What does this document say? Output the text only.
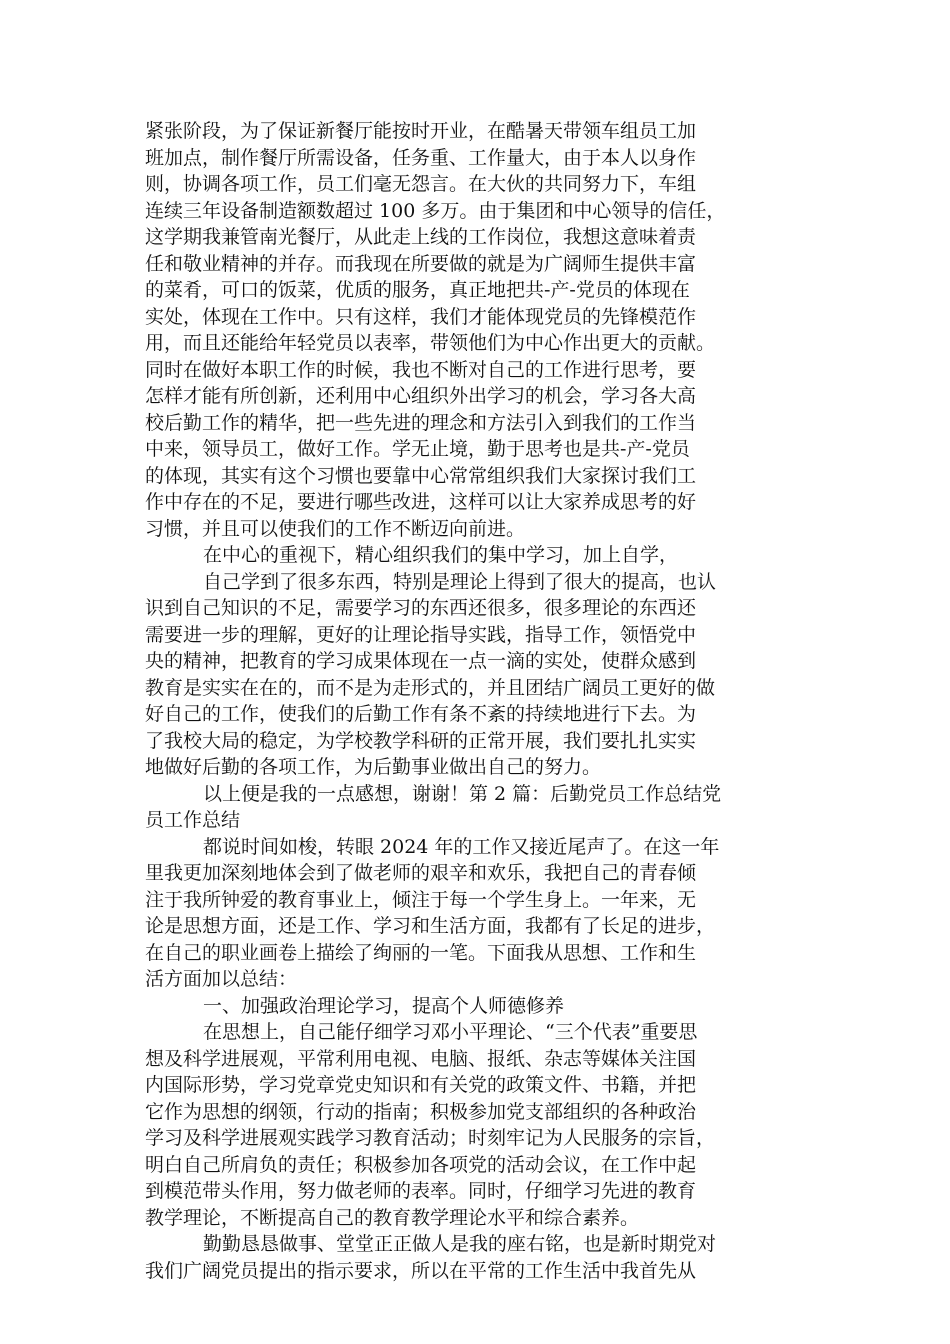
紧张阶段，为了保证新餐厅能按时开业，在酷暑天带领车组员工加
班加点，制作餐厅所需设备，任务重、工作量大，由于本人以身作
则，协调各项工作，员工们毫无怨言。在大伙的共同努力下，车组
连续三年设备制造额数超过 100 多万。由于集团和中心领导的信任，
这学期我兼管南光餐厅，从此走上线的工作岗位，我想这意味着责
任和敬业精神的并存。而我现在所要做的就是为广阔师生提供丰富
的菜肴，可口的饭菜，优质的服务，真正地把共-产-党员的体现在
实处，体现在工作中。只有这样，我们才能体现党员的先锋模范作
用，而且还能给年轻党员以表率，带领他们为中心作出更大的贡献。
同时在做好本职工作的时候，我也不断对自己的工作进行思考，要
怎样才能有所创新，还利用中心组织外出学习的机会，学习各大高
校后勤工作的精华，把一些先进的理念和方法引入到我们的工作当
中来，领导员工，做好工作。学无止境，勤于思考也是共-产-党员
的体现，其实有这个习惯也要靠中心常常组织我们大家探讨我们工
作中存在的不足，要进行哪些改进，这样可以让大家养成思考的好
习惯，并且可以使我们的工作不断迈向前进。
在中心的重视下，精心组织我们的集中学习，加上自学，
自己学到了很多东西，特别是理论上得到了很大的提高，也认
识到自己知识的不足，需要学习的东西还很多，很多理论的东西还
需要进一步的理解，更好的让理论指导实践，指导工作，领悟党中
央的精神，把教育的学习成果体现在一点一滴的实处，使群众感到
教育是实实在在的，而不是为走形式的，并且团结广阔员工更好的做
好自己的工作，使我们的后勤工作有条不紊的持续地进行下去。为
了我校大局的稳定，为学校教学科研的正常开展，我们要扎扎实实
地做好后勤的各项工作，为后勤事业做出自己的努力。
以上便是我的一点感想，谢谢！第 2 篇：后勤党员工作总结党
员工作总结
都说时间如梭，转眼 2024 年的工作又接近尾声了。在这一年
里我更加深刻地体会到了做老师的艰辛和欢乐，我把自己的青春倾
注于我所钟爱的教育事业上，倾注于每一个学生身上。一年来，无
论是思想方面，还是工作、学习和生活方面，我都有了长足的进步，
在自己的职业画卷上描绘了绚丽的一笔。下面我从思想、工作和生
活方面加以总结：
一、加强政治理论学习，提高个人师德修养
在思想上，自己能仔细学习邓小平理论、“三个代表”重要思
想及科学进展观，平常利用电视、电脑、报纸、杂志等媒体关注国
内国际形势，学习党章党史知识和有关党的政策文件、书籍，并把
它作为思想的纲领，行动的指南；积极参加党支部组织的各种政治
学习及科学进展观实践学习教育活动；时刻牢记为人民服务的宗旨，
明白自己所肩负的责任；积极参加各项党的活动会议，在工作中起
到模范带头作用，努力做老师的表率。同时，仔细学习先进的教育
教学理论，不断提高自己的教育教学理论水平和综合素养。
勤勤恳恳做事、堂堂正正做人是我的座右铭，也是新时期党对
我们广阔党员提出的指示要求，所以在平常的工作生活中我首先从
